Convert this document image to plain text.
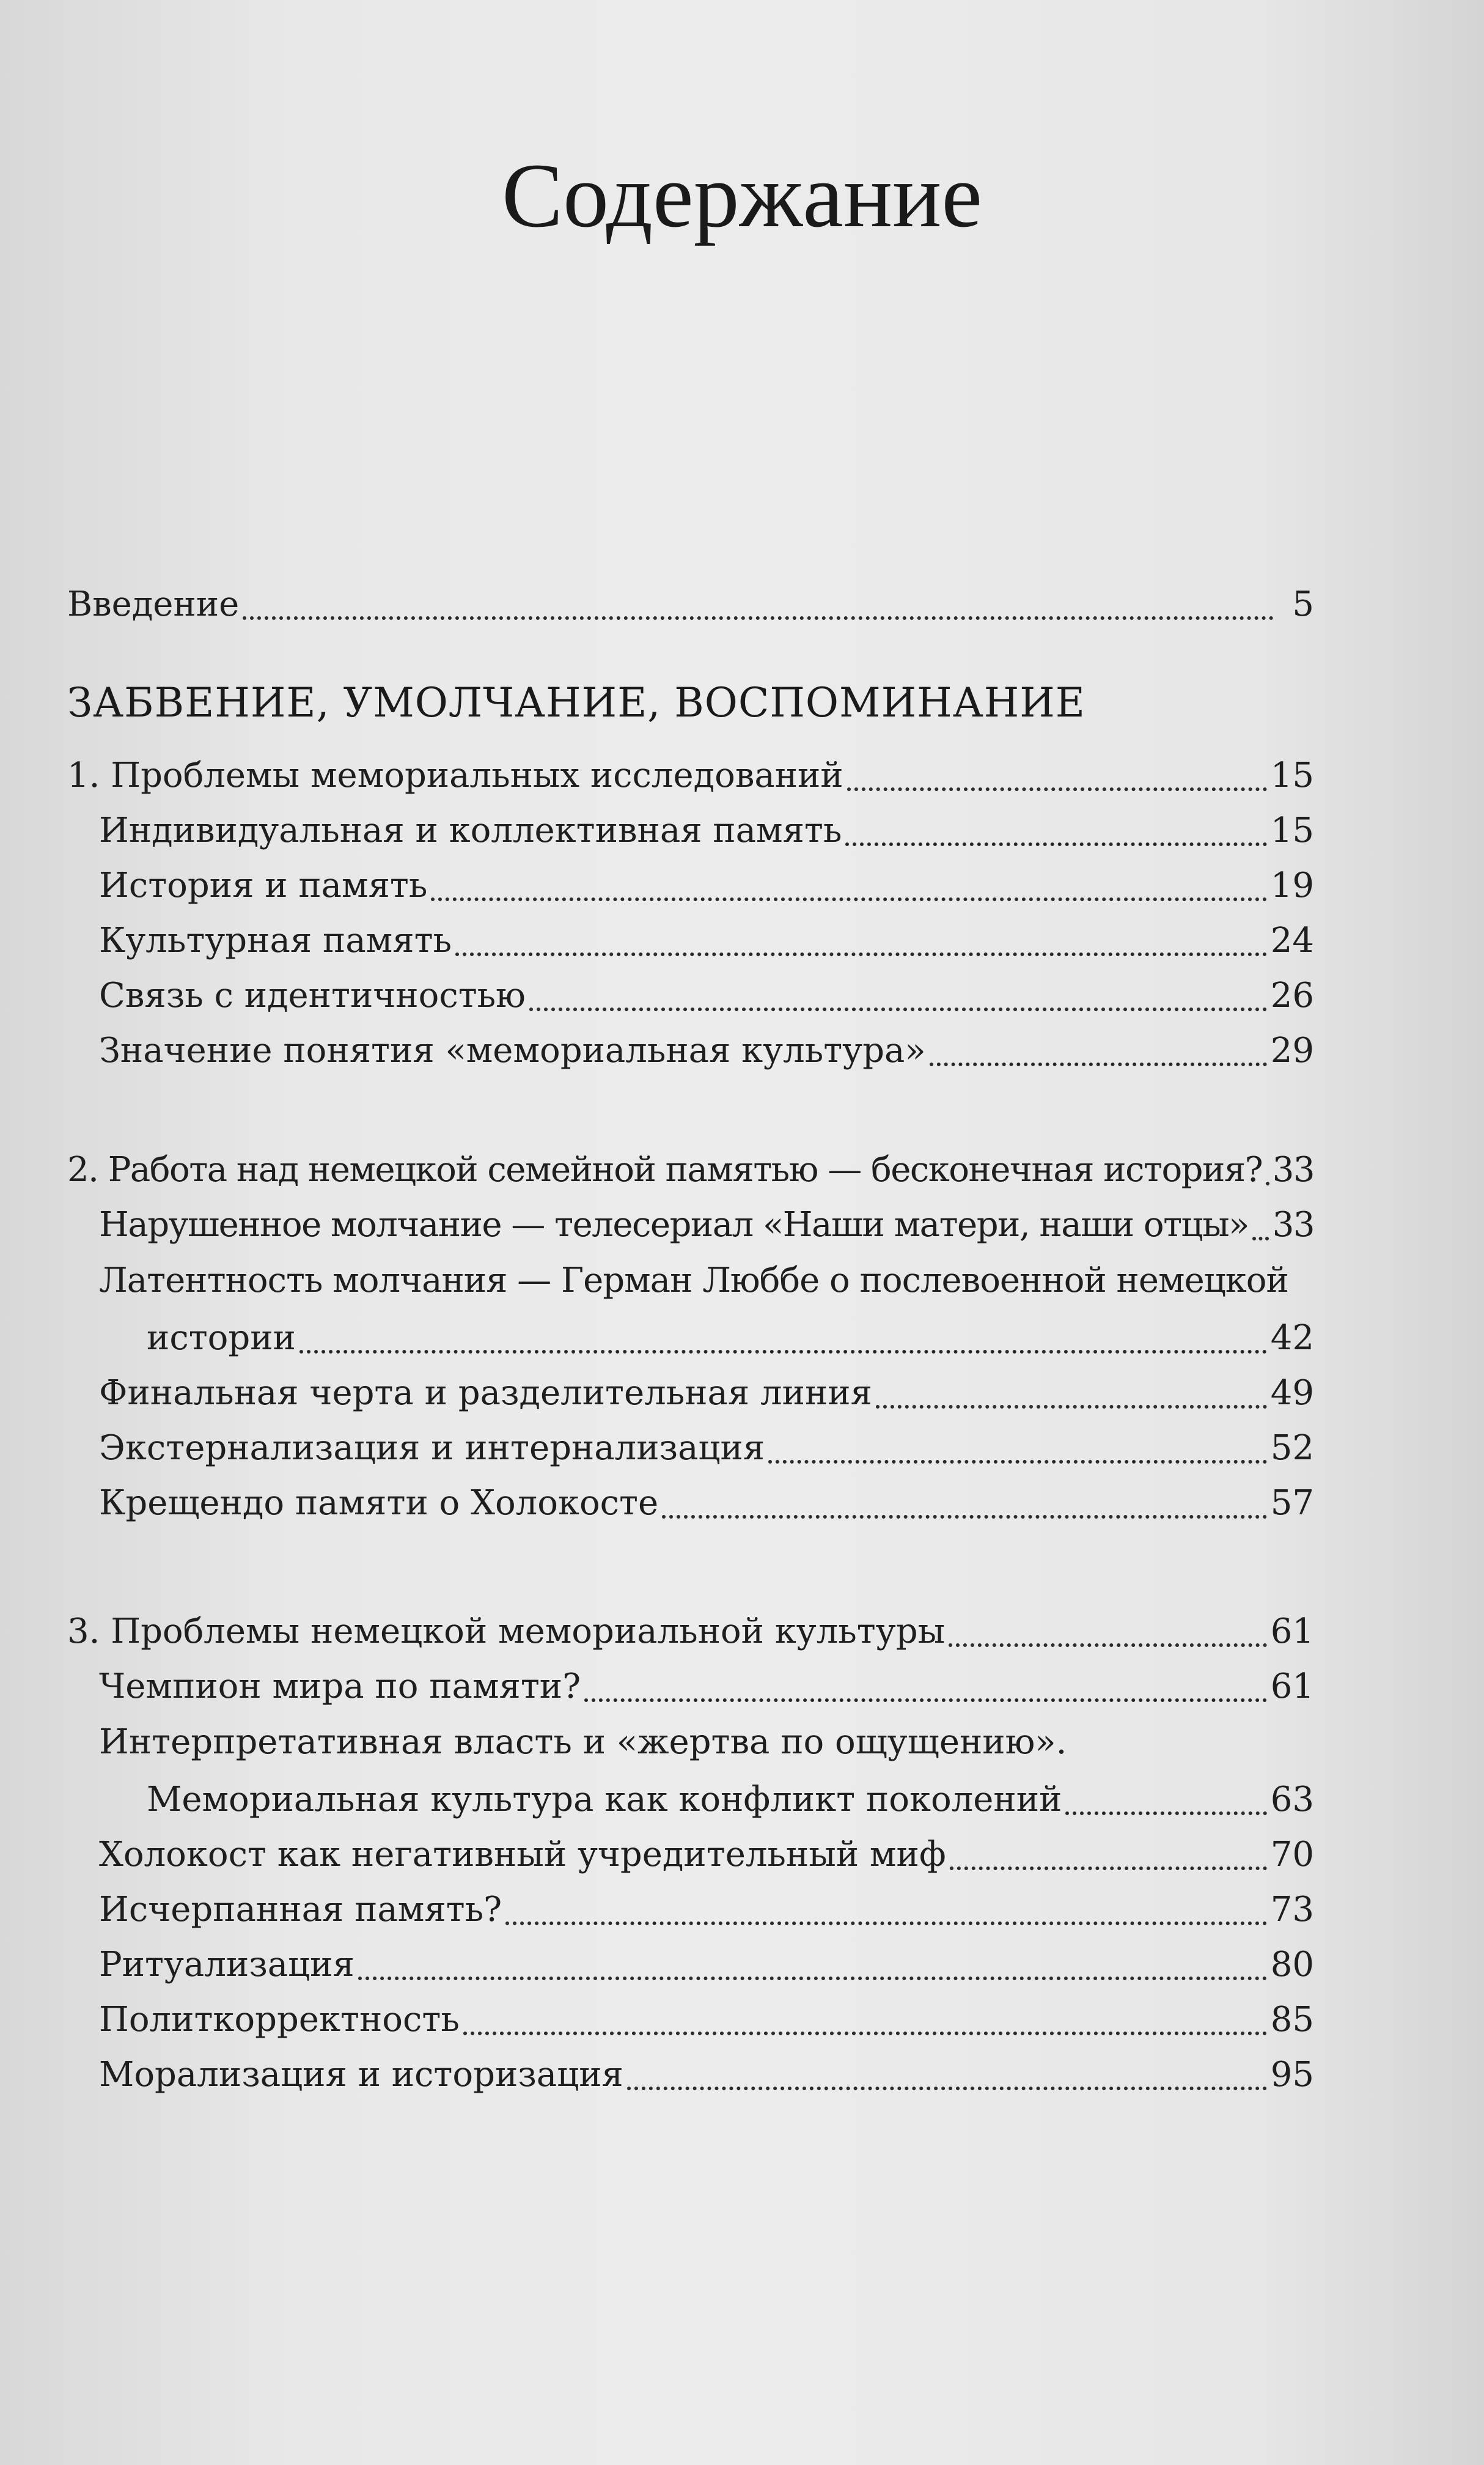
Содержание
Введение	5
ЗАБВЕНИЕ, УМОЛЧАНИЕ, ВОСПОМИНАНИЕ
1. Проблемы мемориальных исследований	15
Индивидуальная и коллективная память	15
История и память	19
Культурная память	24
Связь с идентичностью	26
Значение понятия «мемориальная культура»	29
2. Работа над немецкой семейной памятью — бесконечная история? 33
Нарушенное молчание — телесериал «Наши матери, наши отцы» 33
Латентность молчания — Герман Люббе о послевоенной немецкой
истории	42
Финальная черта и разделительная линия	49
Экстернализация и интернализация	52
Крещендо памяти о Холокосте	57
3. Проблемы немецкой мемориальной культуры	61
Чемпион мира по памяти?	61
Интерпретативная власть и «жертва по ощущению».
Мемориальная культура как конфликт поколений	63
Холокост как негативный учредительный миф	70
Исчерпанная память?	73
Ритуализация	80
Политкорректность	85
Морализация и историзация	95
